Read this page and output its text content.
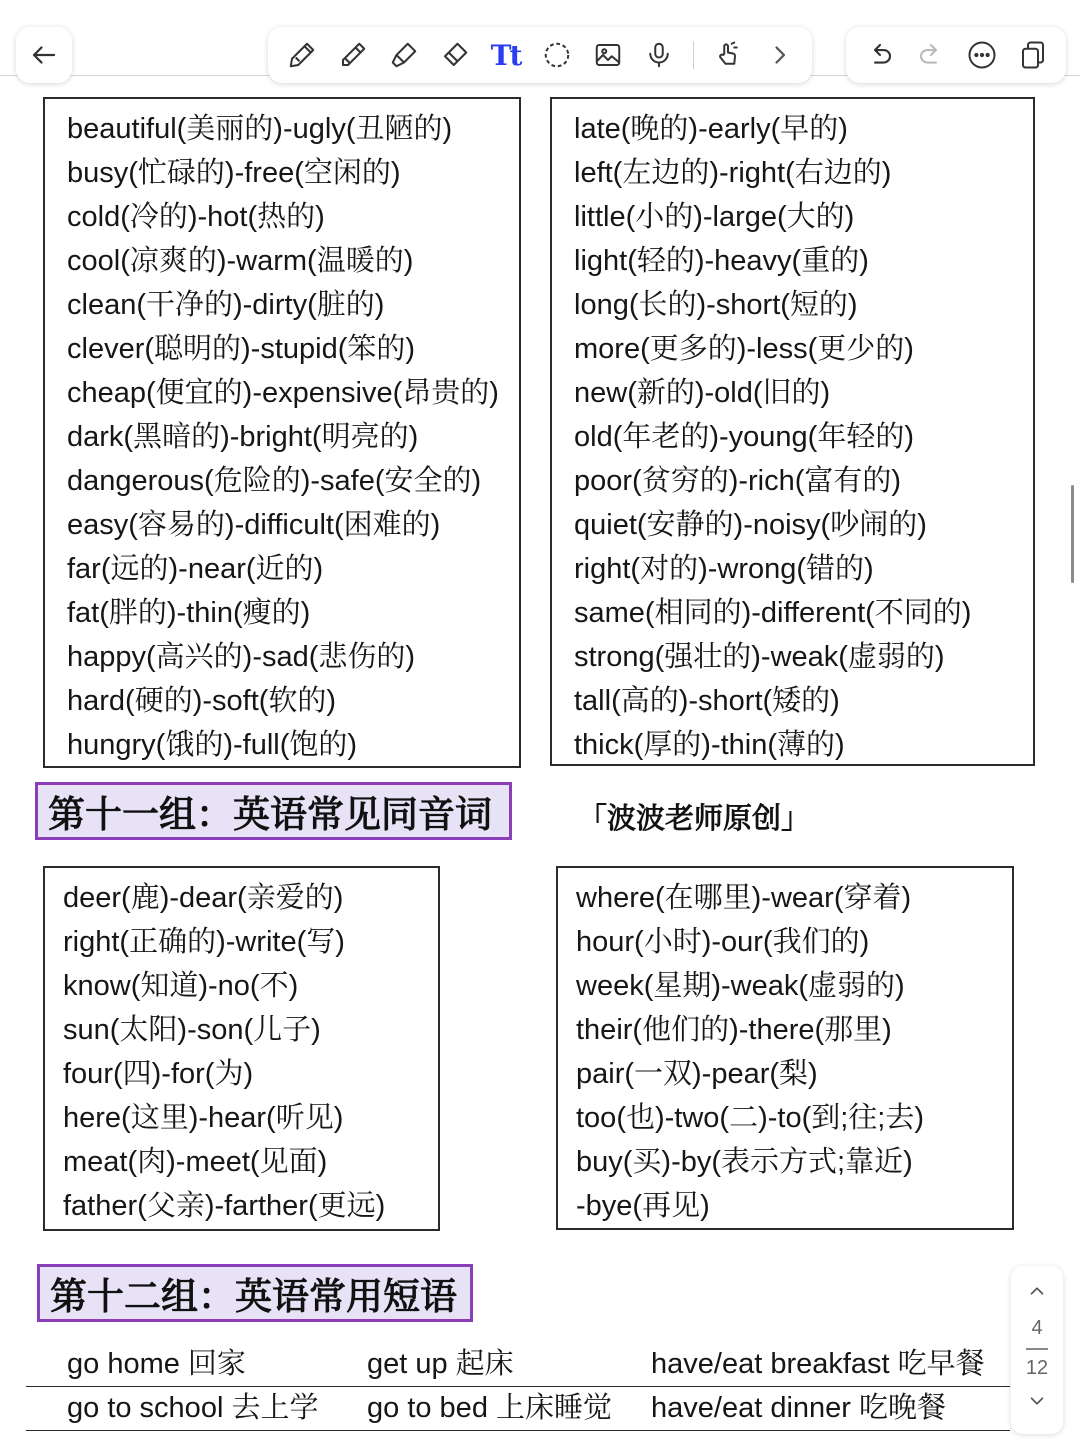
Tt
beautiful(美丽的)-ugly(丑陋的)
busy(忙碌的)-free(空闲的)
cold(冷的)-hot(热的)
cool(凉爽的)-warm(温暖的)
clean(干净的)-dirty(脏的)
clever(聪明的)-stupid(笨的)
cheap(便宜的)-expensive(昂贵的)
dark(黑暗的)-bright(明亮的)
dangerous(危险的)-safe(安全的)
easy(容易的)-difficult(困难的)
far(远的)-near(近的)
fat(胖的)-thin(瘦的)
happy(高兴的)-sad(悲伤的)
hard(硬的)-soft(软的)
hungry(饿的)-full(饱的)
late(晚的)-early(早的)
left(左边的)-right(右边的)
little(小的)-large(大的)
light(轻的)-heavy(重的)
long(长的)-short(短的)
more(更多的)-less(更少的)
new(新的)-old(旧的)
old(年老的)-young(年轻的)
poor(贫穷的)-rich(富有的)
quiet(安静的)-noisy(吵闹的)
right(对的)-wrong(错的)
same(相同的)-different(不同的)
strong(强壮的)-weak(虚弱的)
tall(高的)-short(矮的)
thick(厚的)-thin(薄的)
第十一组：英语常见同音词	「波波老师原创」
deer(鹿)-dear(亲爱的)
right(正确的)-write(写)
know(知道)-no(不)
sun(太阳)-son(儿子)
four(四)-for(为)
here(这里)-hear(听见)
meat(肉)-meet(见面)
father(父亲)-farther(更远)
where(在哪里)-wear(穿着)
hour(小时)-our(我们的)
week(星期)-weak(虚弱的)
their(他们的)-there(那里)
pair(一双)-pear(梨)
too(也)-two(二)-to(到;往;去)
buy(买)-by(表示方式;靠近)
-bye(再见)
第十二组：英语常用短语
go home 回家	get up 起床	have/eat breakfast 吃早餐
go to school 去上学 go to bed 上床睡觉 have/eat dinner 吃晚餐
4
12
